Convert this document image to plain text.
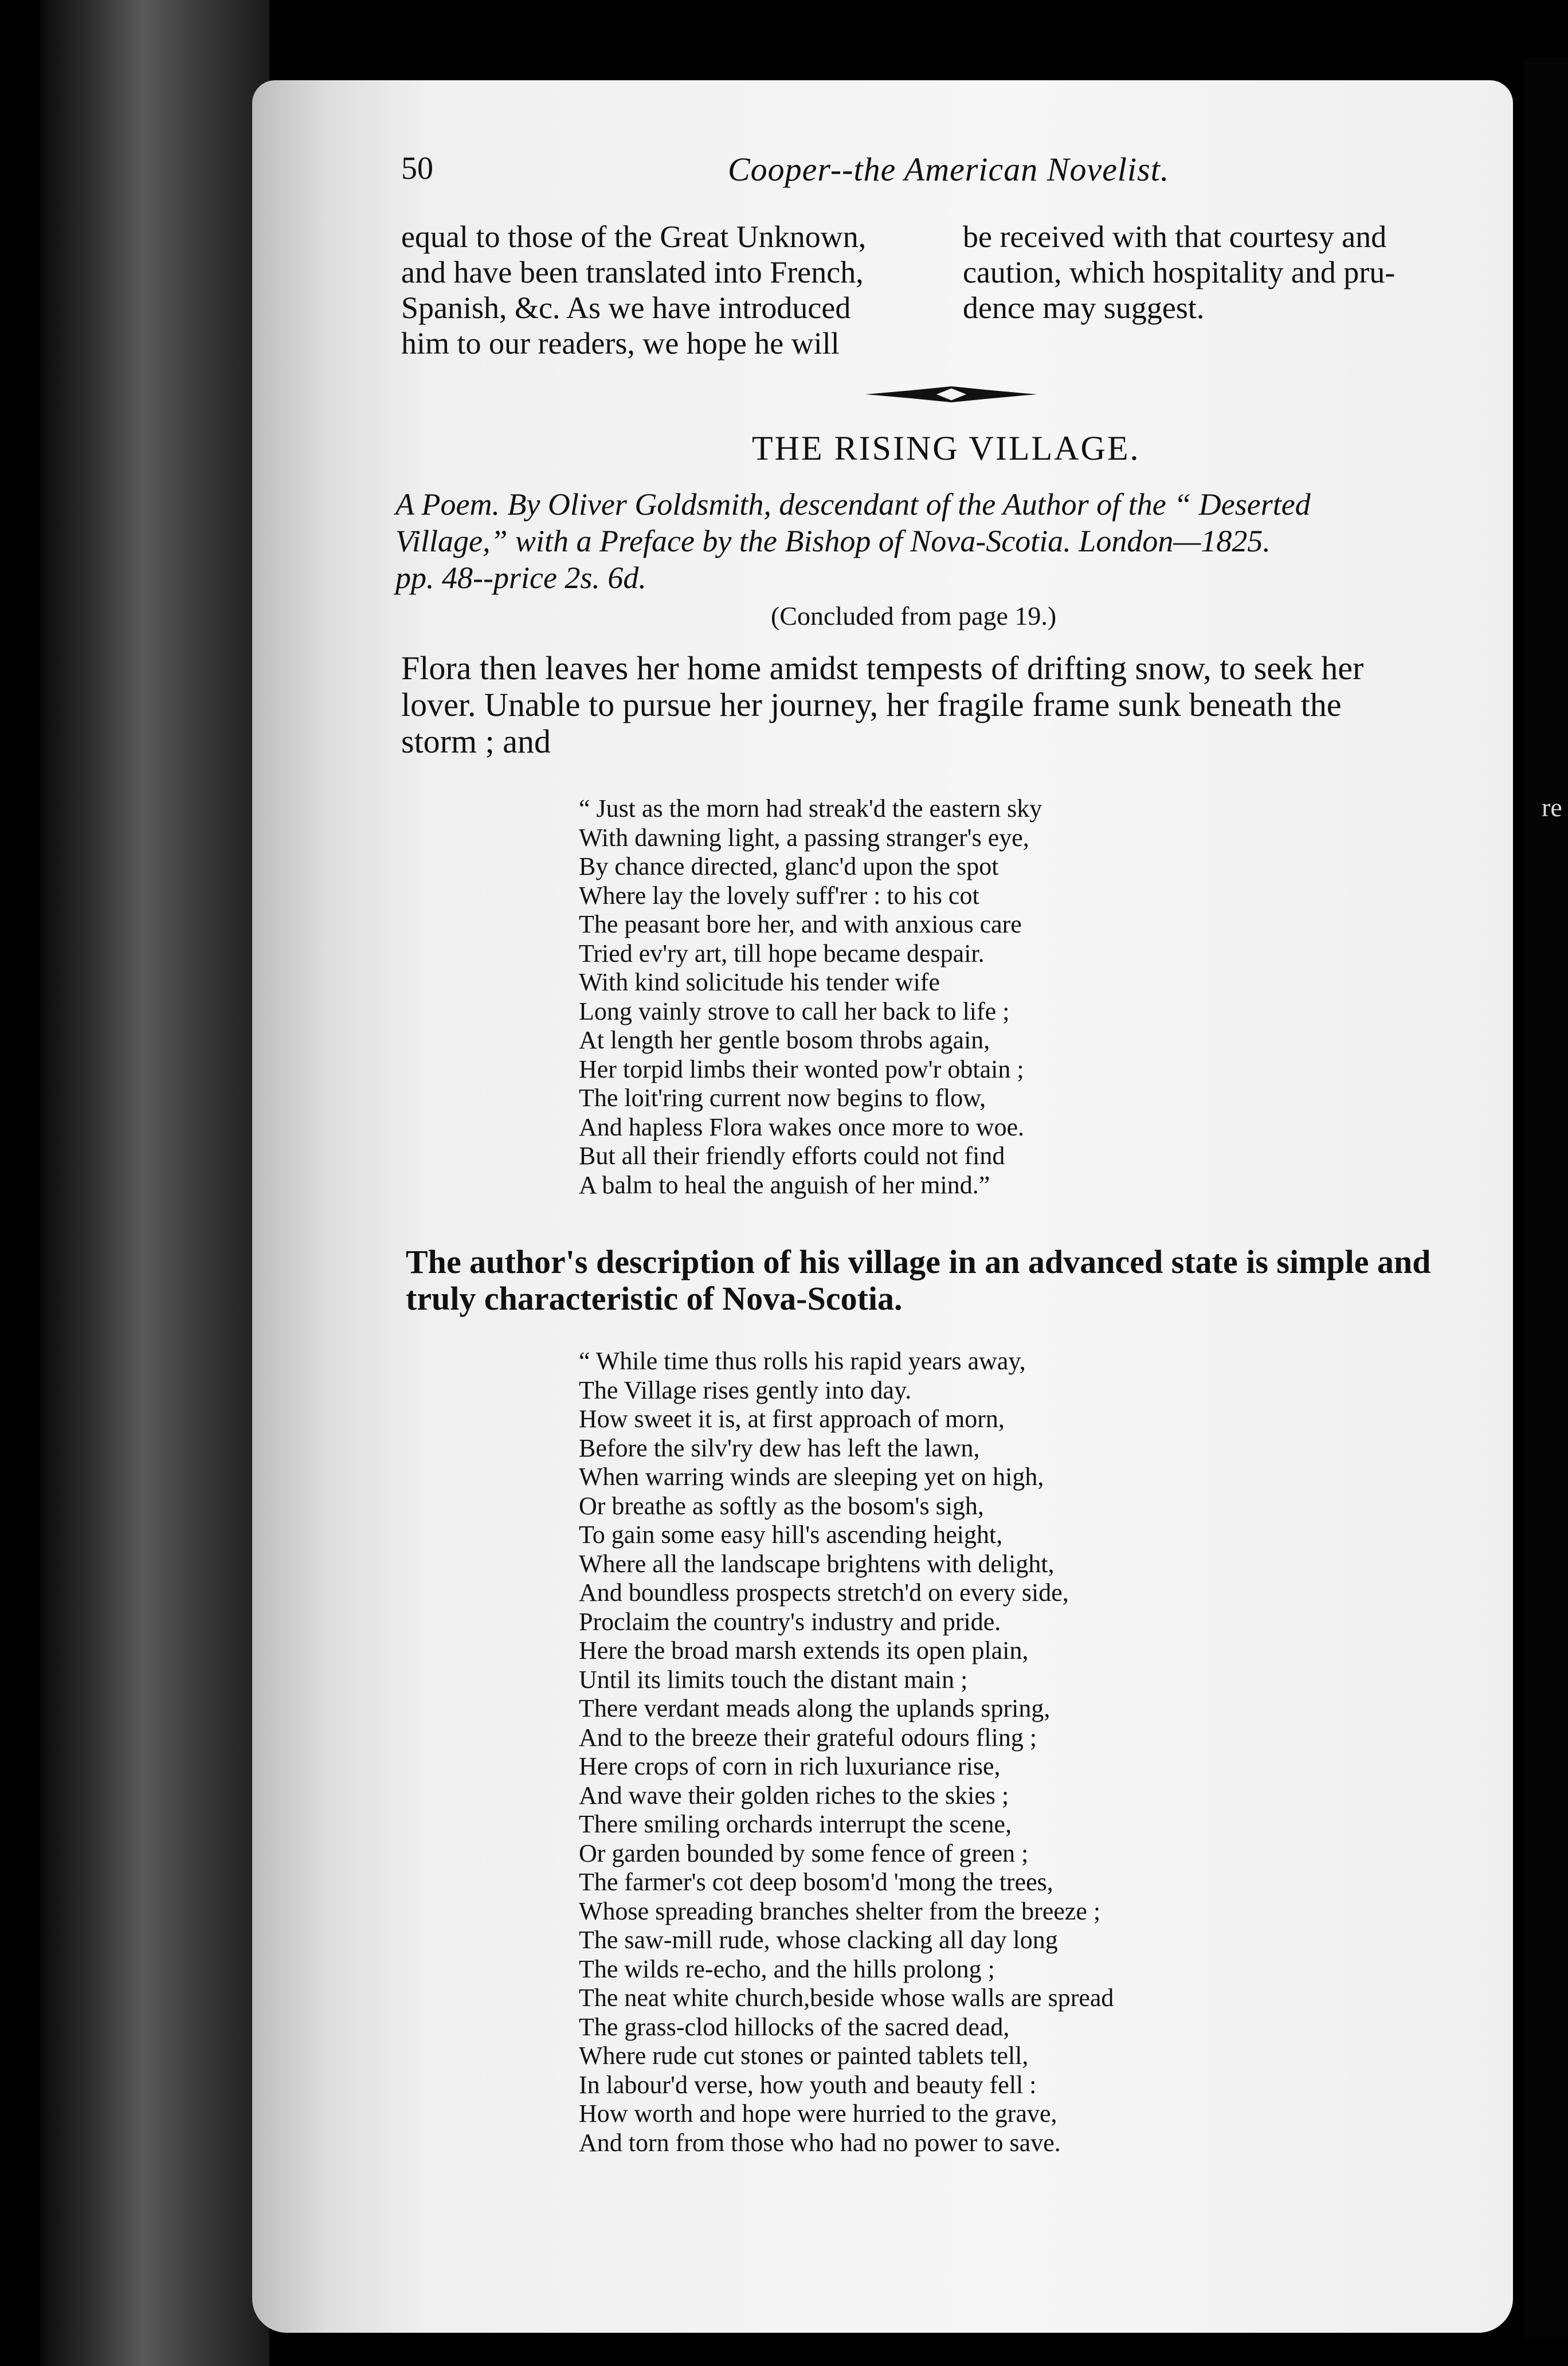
re
50	Cooper--the American Novelist.
equal to those of the Great Unknown,
and have been translated into French,
Spanish, &c. As we have introduced
him to our readers, we hope he will
be received with that courtesy and
caution, which hospitality and pru-
dence may suggest.
THE RISING VILLAGE.
A Poem. By Oliver Goldsmith, descendant of the Author of the “ Deserted
Village,” with a Preface by the Bishop of Nova-Scotia. London—1825.
pp. 48--price 2s. 6d.
(Concluded from page 19.)
Flora then leaves her home amidst tempests of drifting snow, to seek her
lover. Unable to pursue her journey, her fragile frame sunk beneath the
storm ; and
“ Just as the morn had streak'd the eastern sky
With dawning light, a passing stranger's eye,
By chance directed, glanc'd upon the spot
Where lay the lovely suff'rer : to his cot
The peasant bore her, and with anxious care
Tried ev'ry art, till hope became despair.
With kind solicitude his tender wife
Long vainly strove to call her back to life ;
At length her gentle bosom throbs again,
Her torpid limbs their wonted pow'r obtain ;
The loit'ring current now begins to flow,
And hapless Flora wakes once more to woe.
But all their friendly efforts could not find
A balm to heal the anguish of her mind.”
The author's description of his village in an advanced state is simple and
truly characteristic of Nova-Scotia.
“ While time thus rolls his rapid years away,
The Village rises gently into day.
How sweet it is, at first approach of morn,
Before the silv'ry dew has left the lawn,
When warring winds are sleeping yet on high,
Or breathe as softly as the bosom's sigh,
To gain some easy hill's ascending height,
Where all the landscape brightens with delight,
And boundless prospects stretch'd on every side,
Proclaim the country's industry and pride.
Here the broad marsh extends its open plain,
Until its limits touch the distant main ;
There verdant meads along the uplands spring,
And to the breeze their grateful odours fling ;
Here crops of corn in rich luxuriance rise,
And wave their golden riches to the skies ;
There smiling orchards interrupt the scene,
Or garden bounded by some fence of green ;
The farmer's cot deep bosom'd 'mong the trees,
Whose spreading branches shelter from the breeze ;
The saw-mill rude, whose clacking all day long
The wilds re-echo, and the hills prolong ;
The neat white church,beside whose walls are spread
The grass-clod hillocks of the sacred dead,
Where rude cut stones or painted tablets tell,
In labour'd verse, how youth and beauty fell :
How worth and hope were hurried to the grave,
And torn from those who had no power to save.
